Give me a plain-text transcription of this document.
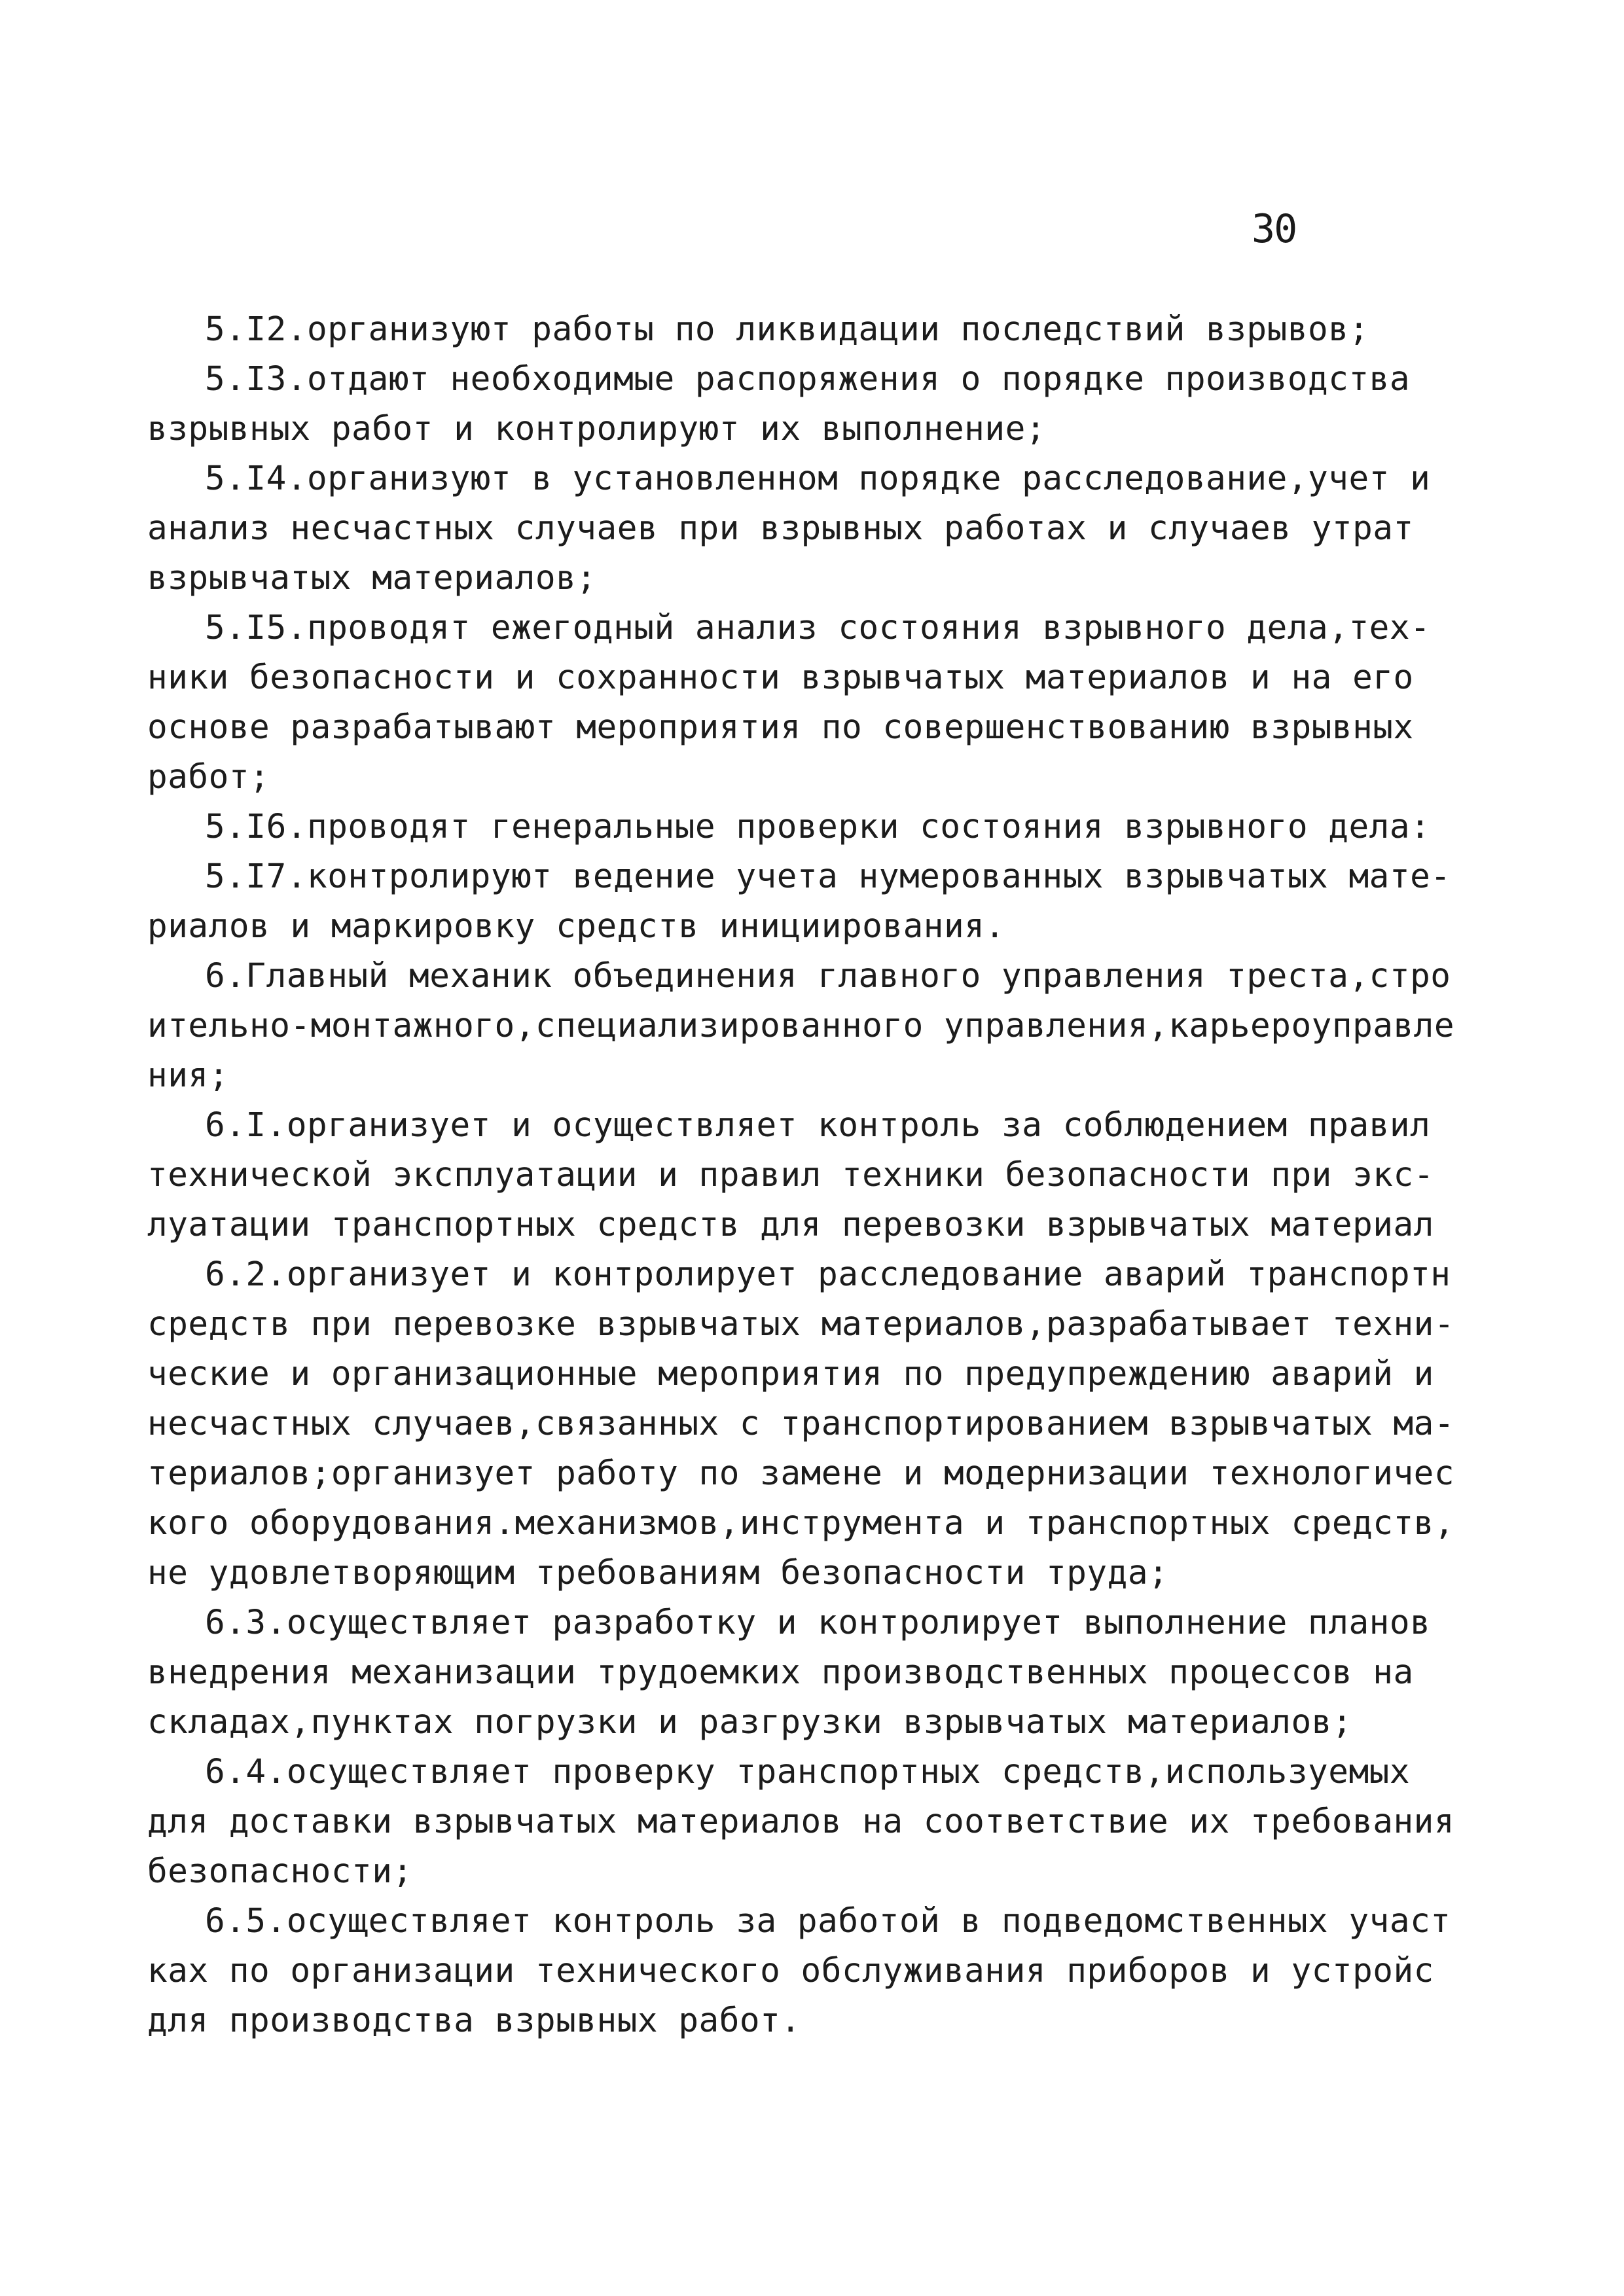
30
5.I2.организуют работы по ликвидации последствий взрывов;
5.I3.отдают необходимые распоряжения о порядке производства
взрывных работ и контролируют их выполнение;
5.I4.организуют в установленном порядке расследование,учет и
анализ несчастных случаев при взрывных работах и случаев утрат
взрывчатых материалов;
5.I5.проводят ежегодный анализ состояния взрывного дела,тех-
ники безопасности и сохранности взрывчатых материалов и на его
основе разрабатывают мероприятия по совершенствованию взрывных
работ;
5.I6.проводят генеральные проверки состояния взрывного дела:
5.I7.контролируют ведение учета нумерованных взрывчатых мате-
риалов и маркировку средств инициирования.
6.Главный механик объединения главного управления треста,стро
ительно-монтажного,специализированного управления,карьероуправле
ния;
6.I.организует и осуществляет контроль за соблюдением правил
технической эксплуатации и правил техники безопасности при экс-
луатации транспортных средств для перевозки взрывчатых материал
6.2.организует и контролирует расследование аварий транспортн
средств при перевозке взрывчатых материалов,разрабатывает техни-
ческие и организационные мероприятия по предупреждению аварий и
несчастных случаев,связанных с транспортированием взрывчатых ма-
териалов;организует работу по замене и модернизации технологичес
кого оборудования.механизмов,инструмента и транспортных средств,
не удовлетворяющим требованиям безопасности труда;
6.3.осуществляет разработку и контролирует выполнение планов
внедрения механизации трудоемких производственных процессов на
складах,пунктах погрузки и разгрузки взрывчатых материалов;
6.4.осуществляет проверку транспортных средств,используемых
для доставки взрывчатых материалов на соответствие их требования
безопасности;
6.5.осуществляет контроль за работой в подведомственных участ
ках по организации технического обслуживания приборов и устройс
для производства взрывных работ.
